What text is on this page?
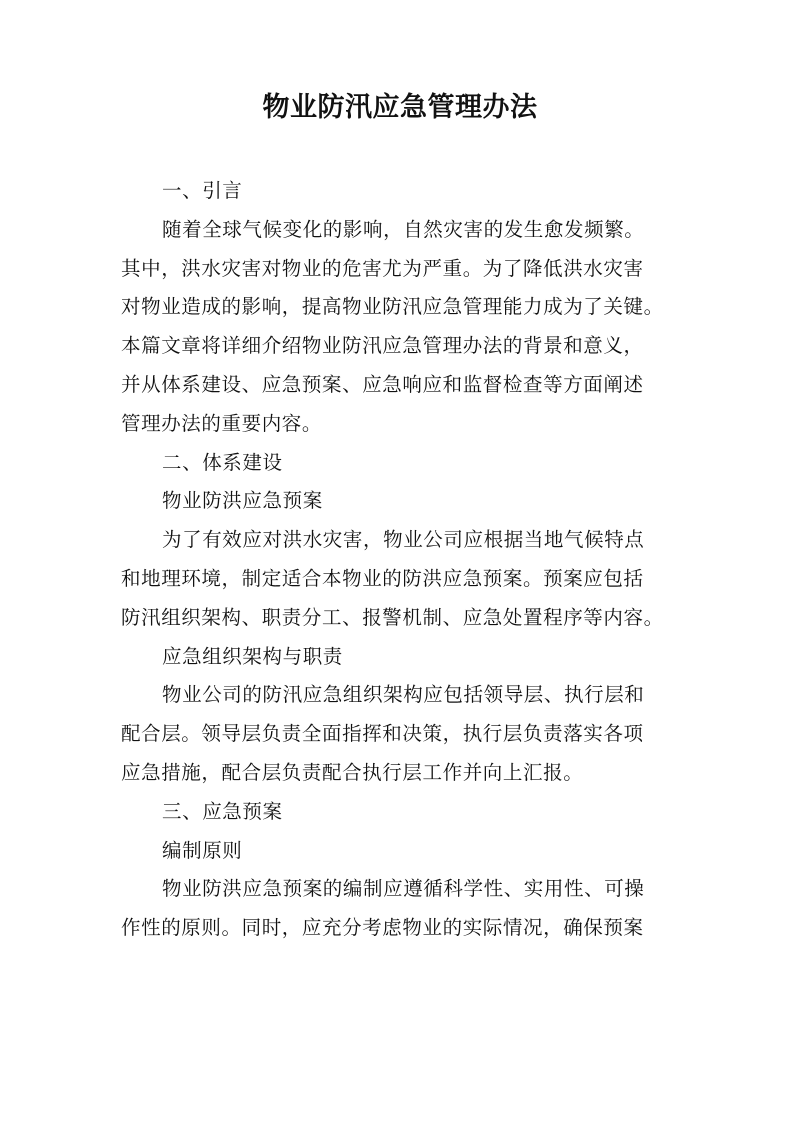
物业防汛应急管理办法
一、引言
随着全球气候变化的影响，自然灾害的发生愈发频繁。
其中，洪水灾害对物业的危害尤为严重。为了降低洪水灾害
对物业造成的影响，提高物业防汛应急管理能力成为了关键。
本篇文章将详细介绍物业防汛应急管理办法的背景和意义，
并从体系建设、应急预案、应急响应和监督检查等方面阐述
管理办法的重要内容。
二、体系建设
物业防洪应急预案
为了有效应对洪水灾害，物业公司应根据当地气候特点
和地理环境，制定适合本物业的防洪应急预案。预案应包括
防汛组织架构、职责分工、报警机制、应急处置程序等内容。
应急组织架构与职责
物业公司的防汛应急组织架构应包括领导层、执行层和
配合层。领导层负责全面指挥和决策，执行层负责落实各项
应急措施，配合层负责配合执行层工作并向上汇报。
三、应急预案
编制原则
物业防洪应急预案的编制应遵循科学性、实用性、可操
作性的原则。同时，应充分考虑物业的实际情况，确保预案
